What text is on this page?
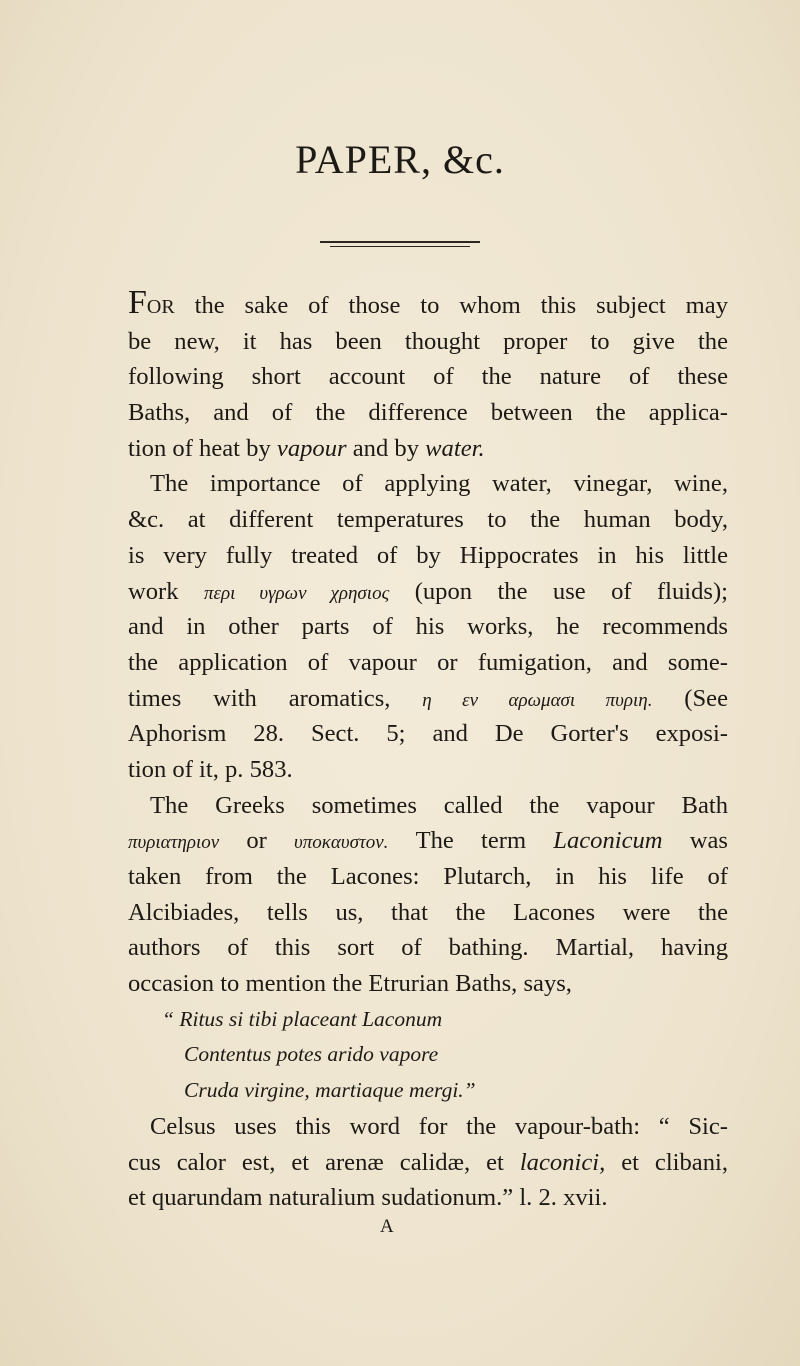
PAPER, &c.
FOR the sake of those to whom this subject may
be new, it has been thought proper to give the
following short account of the nature of these
Baths, and of the difference between the applica-
tion of heat by vapour and by water.
The importance of applying water, vinegar, wine,
&c. at different temperatures to the human body,
is very fully treated of by Hippocrates in his little
work περι υγρων χρησιος (upon the use of fluids);
and in other parts of his works, he recommends
the application of vapour or fumigation, and some-
times with aromatics, η εν αρωμασι πυριη. (See
Aphorism 28. Sect. 5; and De Gorter's exposi-
tion of it, p. 583.
The Greeks sometimes called the vapour Bath
πυριατηριον or υποκαυστον. The term Laconicum was
taken from the Lacones: Plutarch, in his life of
Alcibiades, tells us, that the Lacones were the
authors of this sort of bathing. Martial, having
occasion to mention the Etrurian Baths, says,
“ Ritus si tibi placeant Laconum
Contentus potes arido vapore
Cruda virgine, martiaque mergi.”
Celsus uses this word for the vapour-bath: “ Sic-
cus calor est, et arenæ calidæ, et laconici, et clibani,
et quarundam naturalium sudationum.” l. 2. xvii.
A
